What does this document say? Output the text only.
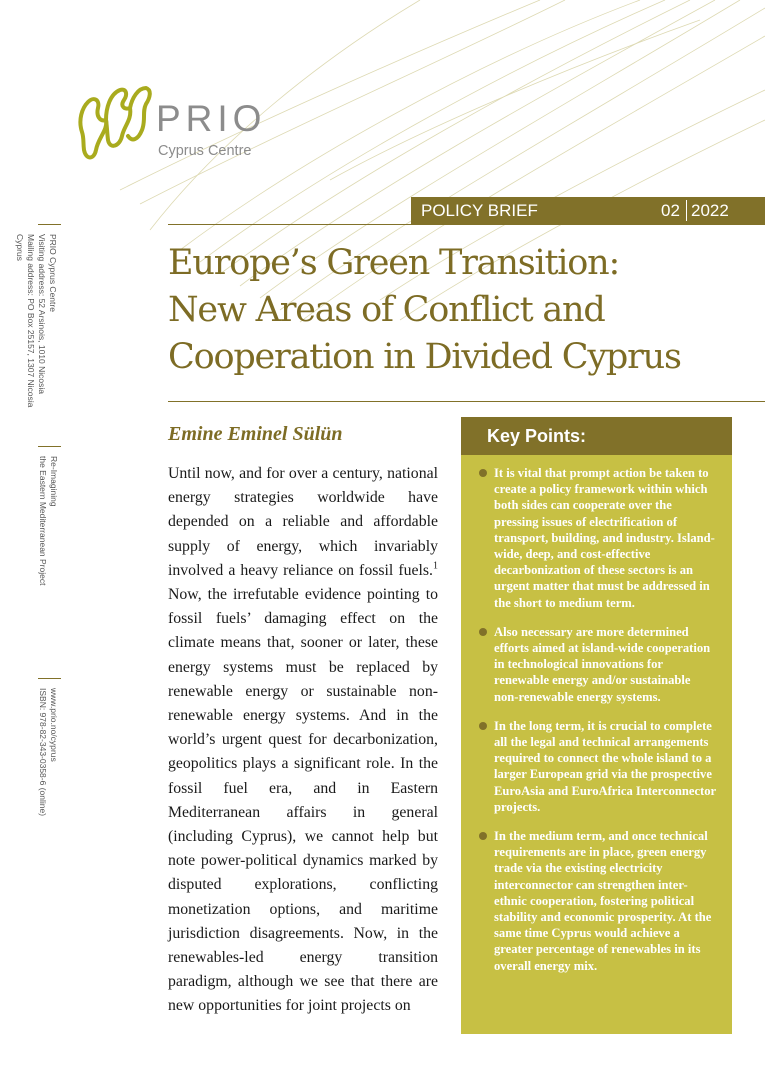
PRIO
Cyprus Centre
POLICY BRIEF	02 2022
Europe’s Green Transition:
New Areas of Conflict and
Cooperation in Divided Cyprus
PRIO Cyprus Centre
Visiting address: 52 Arsinois, 1010 Nicosia
Mailing address: PO Box 25157, 1307 Nicosia
Cyprus
Re-Imagining
the Eastern Mediterranean Project
www.prio.no/cyprus
ISBN: 978-82-343-0358-6 (online)
Emine Eminel Sülün

Until now, and for over a century, national energy strategies worldwide have depended on a reliable and affordable supply of energy, which invariably involved a heavy reliance on fossil fuels.$^1$ Now, the irrefutable evidence pointing to fossil fuels’ damaging effect on the climate means that, sooner or later, these energy systems must be replaced by renewable energy or sustainable non-renewable energy systems. And in the world’s urgent quest for decarbonization, geopolitics plays a significant role. In the fossil fuel era, and in Eastern Mediterranean affairs in general (including Cyprus), we cannot help but note power-political dynamics marked by disputed explorations, conflicting monetization options, and maritime jurisdiction disagreements. Now, in the renewables-led energy transition paradigm, although we see that there are new opportunities for joint projects on

Key Points:
It is vital that prompt action be taken to create a policy framework within which both sides can cooperate over the pressing issues of electrification of transport, building, and industry. Island-wide, deep, and cost-effective decarbonization of these sectors is an urgent matter that must be addressed in the short to medium term.
Also necessary are more determined efforts aimed at island-wide cooperation in technological innovations for renewable energy and/or sustainable non-renewable energy systems.
In the long term, it is crucial to complete all the legal and technical arrangements required to connect the whole island to a larger European grid via the prospective EuroAsia and EuroAfrica Interconnector projects.
In the medium term, and once technical requirements are in place, green energy trade via the existing electricity interconnector can strengthen inter-ethnic cooperation, fostering political stability and economic prosperity. At the same time Cyprus would achieve a greater percentage of renewables in its overall energy mix.
